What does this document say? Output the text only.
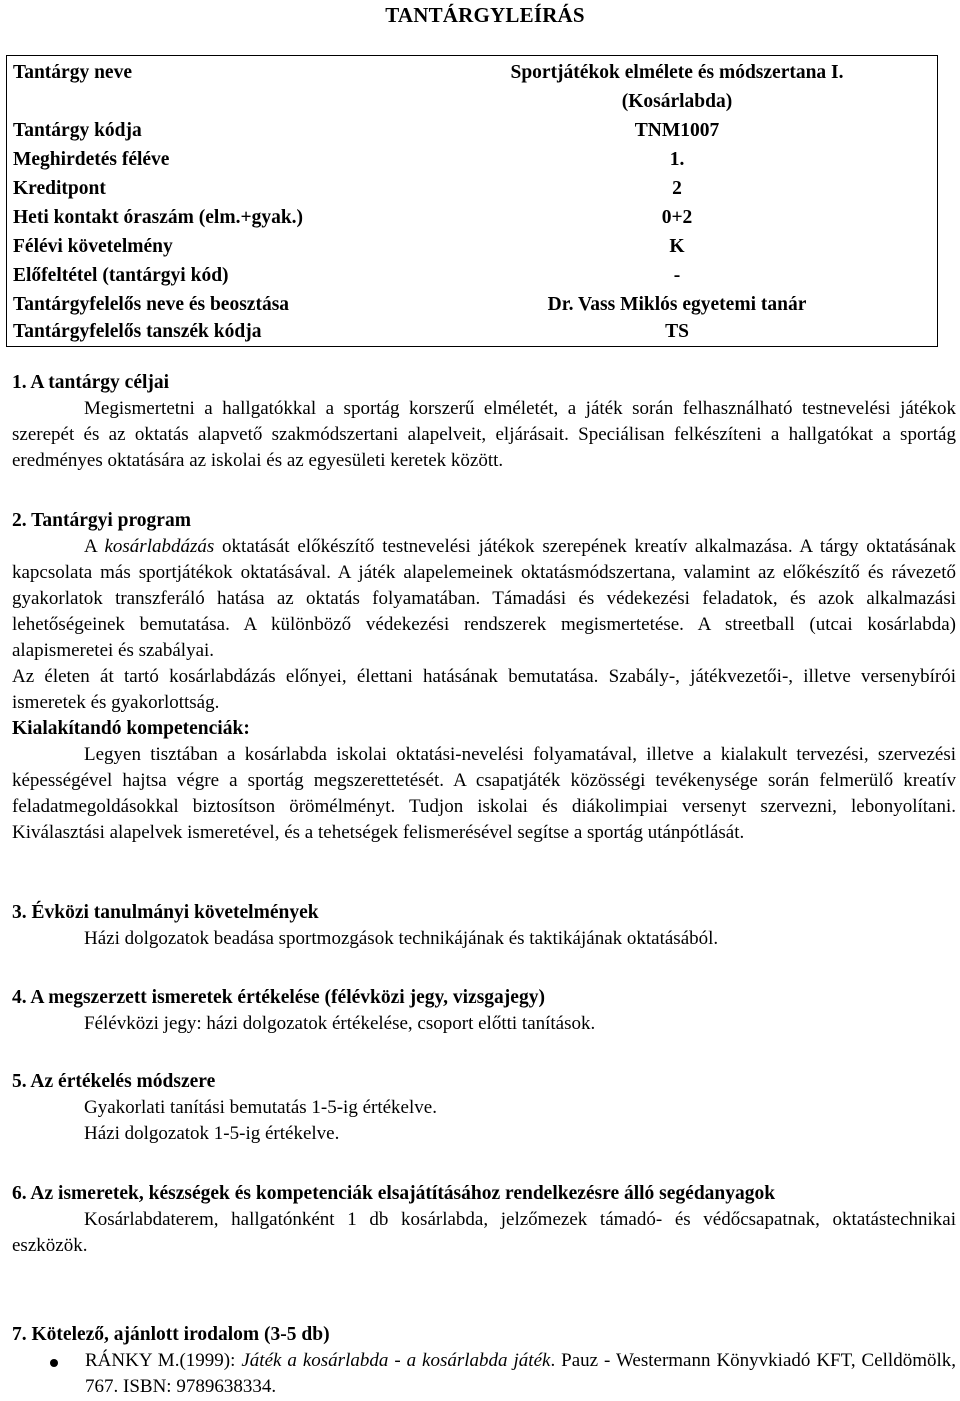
TANTÁRGYLEÍRÁS
Tantárgy neve	Sportjátékok elmélete és módszertana I.
(Kosárlabda)
Tantárgy kódja	TNM1007
Meghirdetés féléve	1.
Kreditpont	2
Heti kontakt óraszám (elm.+gyak.)	0+2
Félévi követelmény	K
Előfeltétel (tantárgyi kód)	-
Tantárgyfelelős neve és beosztása	Dr. Vass Miklós egyetemi tanár
Tantárgyfelelős tanszék kódja	TS
1. A tantárgy céljai
Megismertetni a hallgatókkal a sportág korszerű elméletét, a játék során felhasználható testnevelési játékok szerepét és az oktatás alapvető szakmódszertani alapelveit, eljárásait. Speciálisan felkészíteni a hallgatókat a sportág eredményes oktatására az iskolai és az egyesületi keretek között.
2. Tantárgyi program
A kosárlabdázás oktatását előkészítő testnevelési játékok szerepének kreatív alkalmazása. A tárgy oktatásának kapcsolata más sportjátékok oktatásával. A játék alapelemeinek oktatásmódszertana, valamint az előkészítő és rávezető gyakorlatok transzferáló hatása az oktatás folyamatában. Támadási és védekezési feladatok, és azok alkalmazási lehetőségeinek bemutatása. A különböző védekezési rendszerek megismertetése. A streetball (utcai kosárlabda) alapismeretei és szabályai.
Az életen át tartó kosárlabdázás előnyei, élettani hatásának bemutatása. Szabály-, játékvezetői-, illetve versenybírói ismeretek és gyakorlottság.
Kialakítandó kompetenciák:
Legyen tisztában a kosárlabda iskolai oktatási-nevelési folyamatával, illetve a kialakult tervezési, szervezési képességével hajtsa végre a sportág megszerettetését. A csapatjáték közösségi tevékenysége során felmerülő kreatív feladatmegoldásokkal biztosítson örömélményt. Tudjon iskolai és diákolimpiai versenyt szervezni, lebonyolítani. Kiválasztási alapelvek ismeretével, és a tehetségek felismerésével segítse a sportág utánpótlását.
3. Évközi tanulmányi követelmények
Házi dolgozatok beadása sportmozgások technikájának és taktikájának oktatásából.
4. A megszerzett ismeretek értékelése (félévközi jegy, vizsgajegy)
Félévközi jegy: házi dolgozatok értékelése, csoport előtti tanítások.
5. Az értékelés módszere
Gyakorlati tanítási bemutatás 1-5-ig értékelve.
Házi dolgozatok 1-5-ig értékelve.
6. Az ismeretek, készségek és kompetenciák elsajátításához rendelkezésre álló segédanyagok
Kosárlabdaterem, hallgatónként 1 db kosárlabda, jelzőmezek támadó- és védőcsapatnak, oktatástechnikai eszközök.
7. Kötelező, ajánlott irodalom (3-5 db)
RÁNKY M.(1999): Játék a kosárlabda - a kosárlabda játék. Pauz - Westermann Könyvkiadó KFT, Celldömölk, 767. ISBN: 9789638334.
